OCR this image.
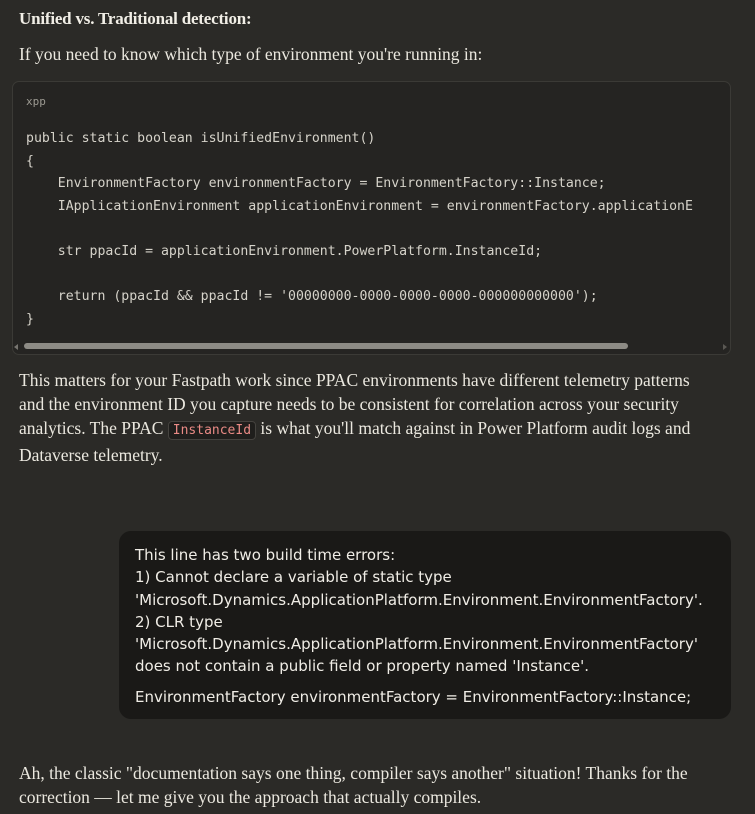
Unified vs. Traditional detection:
If you need to know which type of environment you're running in:
xpp
public static boolean isUnifiedEnvironment()
{
EnvironmentFactory environmentFactory = EnvironmentFactory::Instance;
IApplicationEnvironment applicationEnvironment = environmentFactory.applicationE
str ppacId = applicationEnvironment.PowerPlatform.InstanceId;
return (ppacId && ppacId != '00000000-0000-0000-0000-000000000000');
}
This matters for your Fastpath work since PPAC environments have different telemetry patterns and the environment ID you capture needs to be consistent for correlation across your security analytics. The PPAC InstanceId is what you'll match against in Power Platform audit logs and Dataverse telemetry.
This line has two build time errors:
1) Cannot declare a variable of static type
'Microsoft.Dynamics.ApplicationPlatform.Environment.EnvironmentFactory'.
2) CLR type
'Microsoft.Dynamics.ApplicationPlatform.Environment.EnvironmentFactory'
does not contain a public field or property named 'Instance'.
EnvironmentFactory environmentFactory = EnvironmentFactory::Instance;
Ah, the classic "documentation says one thing, compiler says another" situation! Thanks for the correction — let me give you the approach that actually compiles.
